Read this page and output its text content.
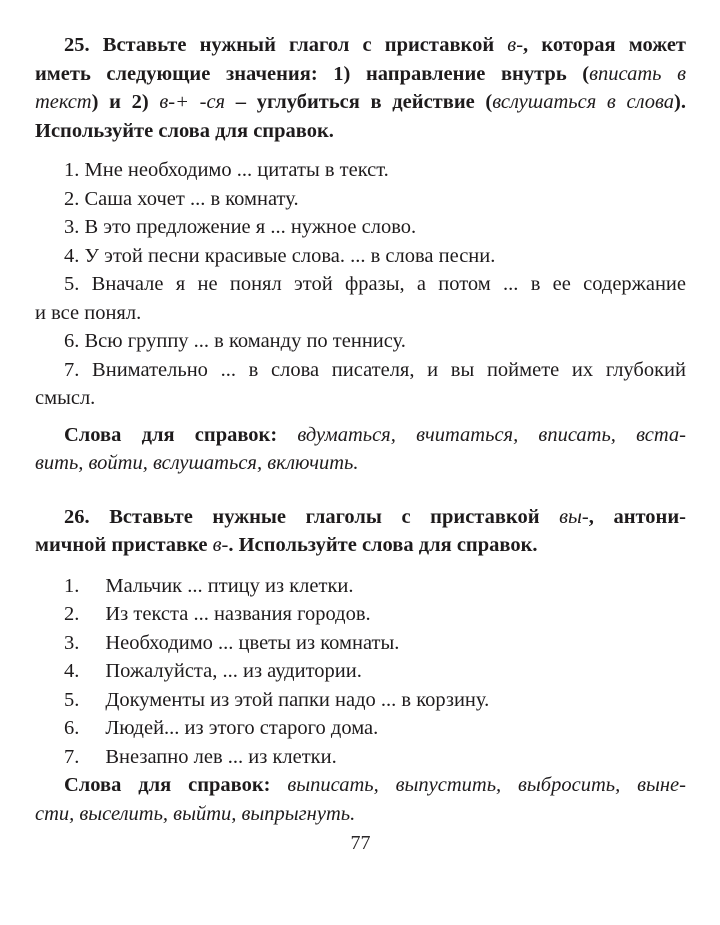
25. Вставьте нужный глагол с приставкой в-, которая может
иметь следующие значения: 1) направление внутрь (вписать в
текст) и 2) в-+ -ся – углубиться в действие (вслушаться в слова).
Используйте слова для справок.
1. Мне необходимо ... цитаты в текст.
2. Саша хочет ... в комнату.
3. В это предложение я ... нужное слово.
4. У этой песни красивые слова. ... в слова песни.
5. Вначале я не понял этой фразы, а потом ... в ее содержание
и все понял.
6. Всю группу ... в команду по теннису.
7. Внимательно ... в слова писателя, и вы поймете их глубокий
смысл.
Слова для справок: вдуматься, вчитаться, вписать, вста-
вить, войти, вслушаться, включить.
26. Вставьте нужные глаголы с приставкой вы-, антони-
мичной приставке в-. Используйте слова для справок.
1. Мальчик ... птицу из клетки.
2. Из текста ... названия городов.
3. Необходимо ... цветы из комнаты.
4. Пожалуйста, ... из аудитории.
5. Документы из этой папки надо ... в корзину.
6. Людей... из этого старого дома.
7. Внезапно лев ... из клетки.
Слова для справок: выписать, выпустить, выбросить, выне-
сти, выселить, выйти, выпрыгнуть.
77
